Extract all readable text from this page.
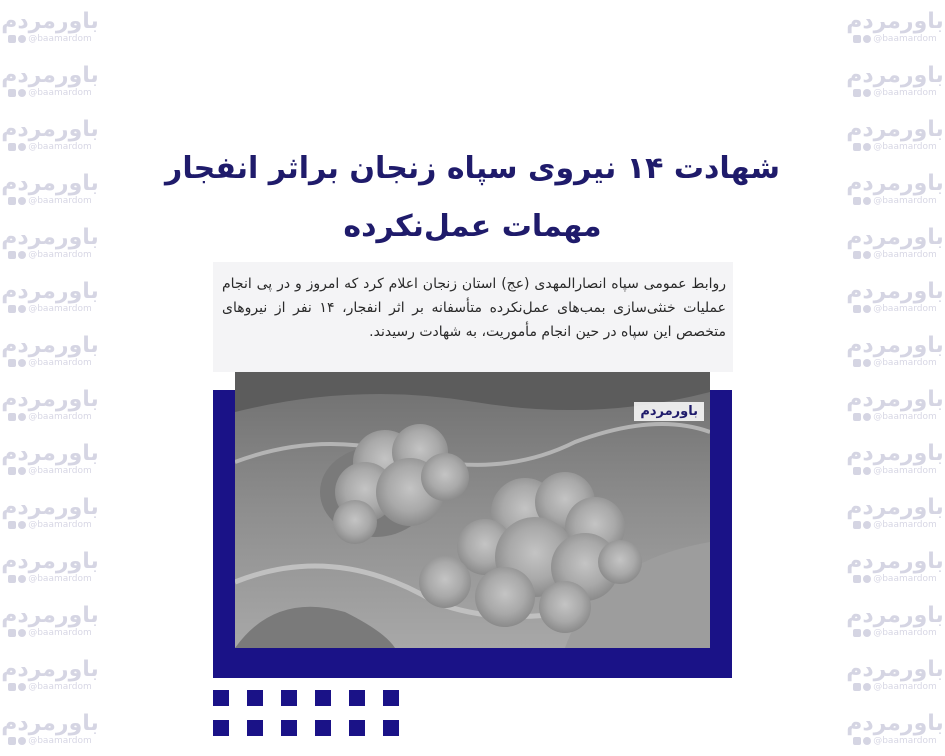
باورمردم
@baamardom
باورمردم
@baamardom
باورمردم
@baamardom
باورمردم
@baamardom
باورمردم
@baamardom
باورمردم
@baamardom
باورمردم
@baamardom
باورمردم
@baamardom
باورمردم
@baamardom
باورمردم
@baamardom
باورمردم
@baamardom
باورمردم
@baamardom
باورمردم
@baamardom
باورمردم
@baamardom
باورمردم
@baamardom
باورمردم
@baamardom
باورمردم
@baamardom
باورمردم
@baamardom
باورمردم
@baamardom
باورمردم
@baamardom
باورمردم
@baamardom
باورمردم
@baamardom
باورمردم
@baamardom
باورمردم
@baamardom
باورمردم
@baamardom
باورمردم
@baamardom
باورمردم
@baamardom
باورمردم
@baamardom
شهادت ۱۴ نیروی سپاه زنجان براثر انفجار مهمات عمل‌نکرده
روابط عمومی سپاه انصارالمهدی (عج) استان زنجان اعلام کرد که امروز و در پی انجام عملیات خنثی‌سازی بمب‌های عمل‌نکرده متأسفانه بر اثر انفجار، ۱۴ نفر از نیروهای متخصص این سپاه در حین انجام مأموریت، به شهادت رسیدند.
باورمردم
